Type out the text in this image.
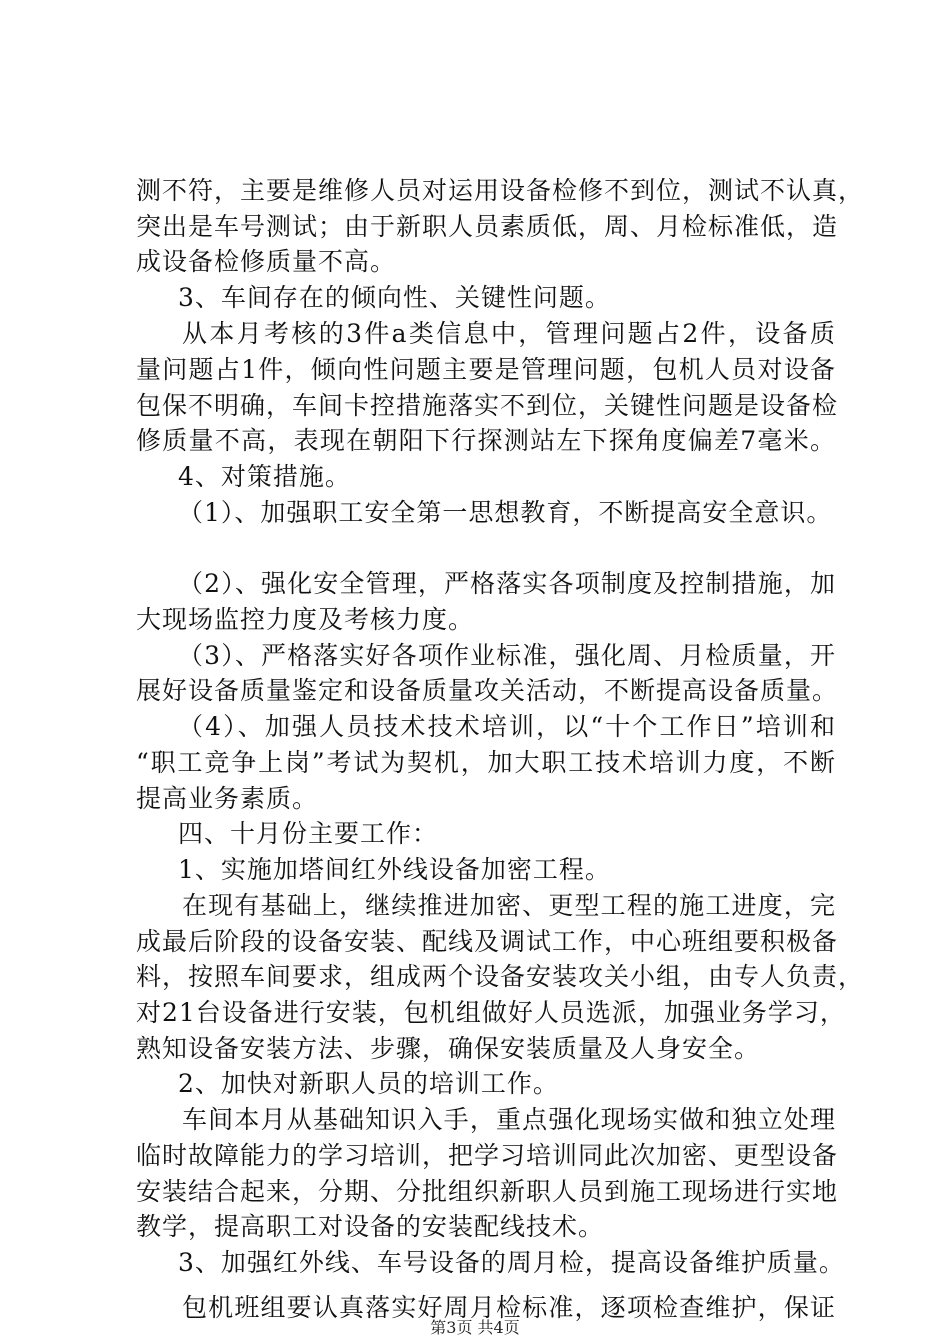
测不符，主要是维修人员对运用设备检修不到位，测试不认真，
突出是车号测试；由于新职人员素质低，周、月检标准低，造
成设备检修质量不高。
3、车间存在的倾向性、关键性问题。
从本月考核的3件a类信息中，管理问题占2件，设备质
量问题占1件，倾向性问题主要是管理问题，包机人员对设备
包保不明确，车间卡控措施落实不到位，关键性问题是设备检
修质量不高，表现在朝阳下行探测站左下探角度偏差7毫米。
4、对策措施。
（1）、加强职工安全第一思想教育，不断提高安全意识。
（2）、强化安全管理，严格落实各项制度及控制措施，加
大现场监控力度及考核力度。
（3）、严格落实好各项作业标准，强化周、月检质量，开
展好设备质量鉴定和设备质量攻关活动，不断提高设备质量。
（4）、加强人员技术技术培训，以“十个工作日”培训和
“职工竞争上岗”考试为契机，加大职工技术培训力度，不断
提高业务素质。
四、十月份主要工作：
1、实施加塔间红外线设备加密工程。
在现有基础上，继续推进加密、更型工程的施工进度，完
成最后阶段的设备安装、配线及调试工作，中心班组要积极备
料，按照车间要求，组成两个设备安装攻关小组，由专人负责，
对21台设备进行安装，包机组做好人员选派，加强业务学习，
熟知设备安装方法、步骤，确保安装质量及人身安全。
2、加快对新职人员的培训工作。
车间本月从基础知识入手，重点强化现场实做和独立处理
临时故障能力的学习培训，把学习培训同此次加密、更型设备
安装结合起来，分期、分批组织新职人员到施工现场进行实地
教学，提高职工对设备的安装配线技术。
3、加强红外线、车号设备的周月检，提高设备维护质量。
包机班组要认真落实好周月检标准，逐项检查维护，保证
第3页 共4页
